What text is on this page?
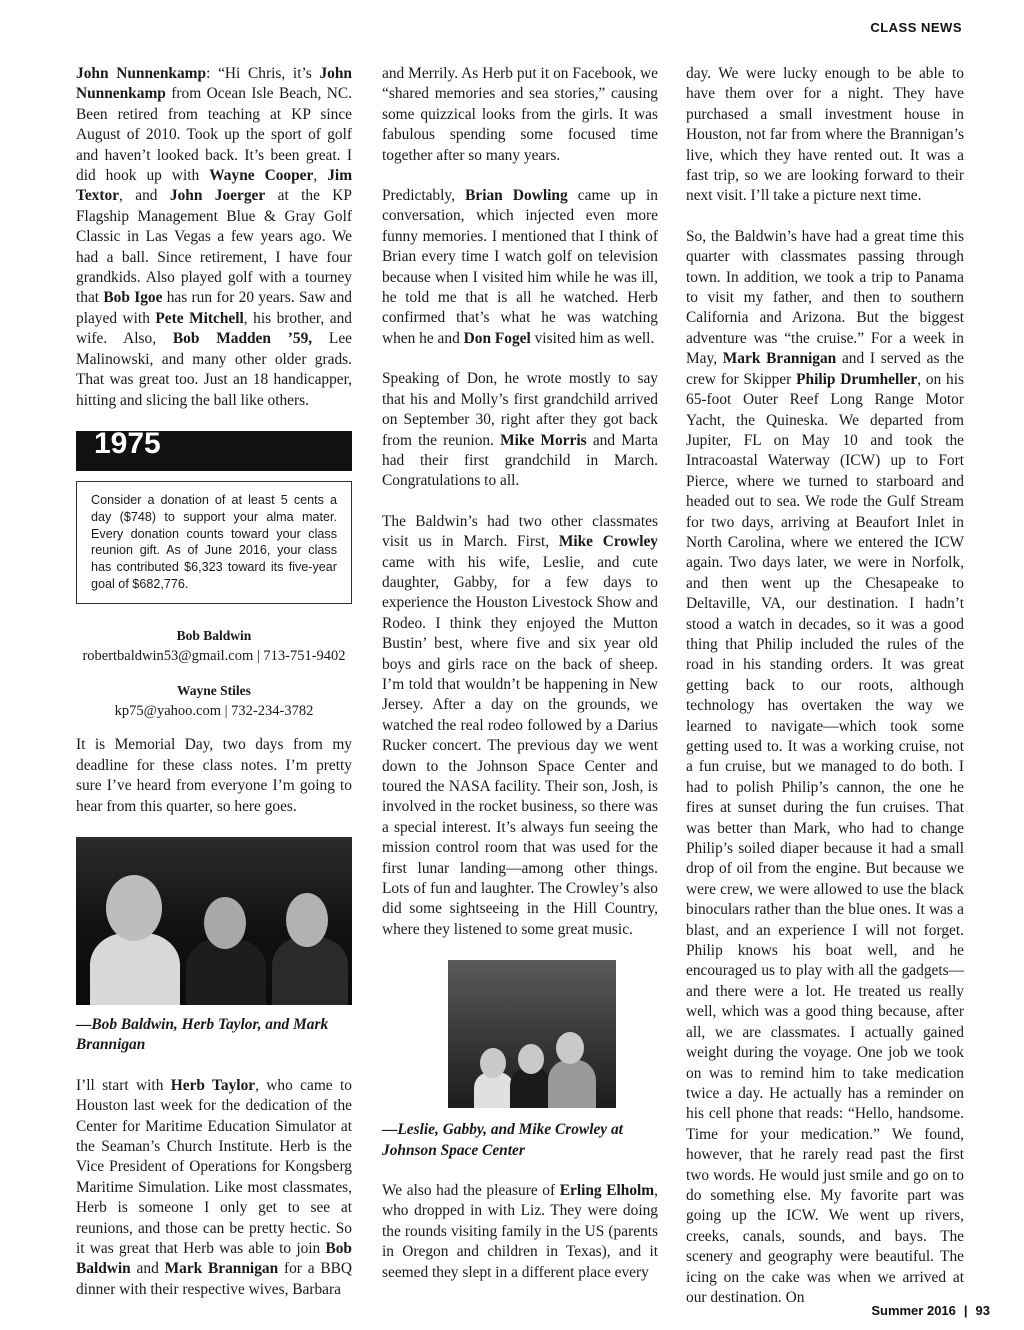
CLASS NEWS

John Nunnenkamp: “Hi Chris, it’s John Nunnenkamp from Ocean Isle Beach, NC. Been retired from teaching at KP since August of 2010. Took up the sport of golf and haven’t looked back. It’s been great. I did hook up with Wayne Cooper, Jim Textor, and John Joerger at the KP Flagship Management Blue & Gray Golf Classic in Las Vegas a few years ago. We had a ball. Since retirement, I have four grandkids. Also played golf with a tourney that Bob Igoe has run for 20 years. Saw and played with Pete Mitchell, his brother, and wife. Also, Bob Madden ’59, Lee Malinowski, and many other older grads. That was great too. Just an 18 handicapper, hitting and slicing the ball like others.

1975
Consider a donation of at least 5 cents a day ($748) to support your alma mater. Every donation counts toward your class reunion gift. As of June 2016, your class has contributed $6,323 toward its five-year goal of $682,776.
Bob Baldwin
robertbaldwin53@gmail.com | 713-751-9402
Wayne Stiles
kp75@yahoo.com | 732-234-3782

It is Memorial Day, two days from my deadline for these class notes. I’m pretty sure I’ve heard from everyone I’m going to hear from this quarter, so here goes.

—Bob Baldwin, Herb Taylor, and Mark Brannigan

I’ll start with Herb Taylor, who came to Houston last week for the dedication of the Center for Maritime Education Simulator at the Seaman’s Church Institute. Herb is the Vice President of Operations for Kongsberg Maritime Simulation. Like most classmates, Herb is someone I only get to see at reunions, and those can be pretty hectic. So it was great that Herb was able to join Bob Baldwin and Mark Brannigan for a BBQ dinner with their respective wives, Barbara

and Merrily. As Herb put it on Facebook, we “shared memories and sea stories,” causing some quizzical looks from the girls. It was fabulous spending some focused time together after so many years.

Predictably, Brian Dowling came up in conversation, which injected even more funny memories. I mentioned that I think of Brian every time I watch golf on television because when I visited him while he was ill, he told me that is all he watched. Herb confirmed that’s what he was watching when he and Don Fogel visited him as well.

Speaking of Don, he wrote mostly to say that his and Molly’s first grandchild arrived on September 30, right after they got back from the reunion. Mike Morris and Marta had their first grandchild in March. Congratulations to all.

The Baldwin’s had two other classmates visit us in March. First, Mike Crowley came with his wife, Leslie, and cute daughter, Gabby, for a few days to experience the Houston Livestock Show and Rodeo. I think they enjoyed the Mutton Bustin’ best, where five and six year old boys and girls race on the back of sheep. I’m told that wouldn’t be happening in New Jersey. After a day on the grounds, we watched the real rodeo followed by a Darius Rucker concert. The previous day we went down to the Johnson Space Center and toured the NASA facility. Their son, Josh, is involved in the rocket business, so there was a special interest. It’s always fun seeing the mission control room that was used for the first lunar landing—among other things. Lots of fun and laughter. The Crowley’s also did some sightseeing in the Hill Country, where they listened to some great music.

—Leslie, Gabby, and Mike Crowley at Johnson Space Center

We also had the pleasure of Erling Elholm, who dropped in with Liz. They were doing the rounds visiting family in the US (parents in Oregon and children in Texas), and it seemed they slept in a different place every

day. We were lucky enough to be able to have them over for a night. They have purchased a small investment house in Houston, not far from where the Brannigan’s live, which they have rented out. It was a fast trip, so we are looking forward to their next visit. I’ll take a picture next time.

So, the Baldwin’s have had a great time this quarter with classmates passing through town. In addition, we took a trip to Panama to visit my father, and then to southern California and Arizona. But the biggest adventure was “the cruise.” For a week in May, Mark Brannigan and I served as the crew for Skipper Philip Drumheller, on his 65-foot Outer Reef Long Range Motor Yacht, the Quineska. We departed from Jupiter, FL on May 10 and took the Intracoastal Waterway (ICW) up to Fort Pierce, where we turned to starboard and headed out to sea. We rode the Gulf Stream for two days, arriving at Beaufort Inlet in North Carolina, where we entered the ICW again. Two days later, we were in Norfolk, and then went up the Chesapeake to Deltaville, VA, our destination. I hadn’t stood a watch in decades, so it was a good thing that Philip included the rules of the road in his standing orders. It was great getting back to our roots, although technology has overtaken the way we learned to navigate—which took some getting used to. It was a working cruise, not a fun cruise, but we managed to do both. I had to polish Philip’s cannon, the one he fires at sunset during the fun cruises. That was better than Mark, who had to change Philip’s soiled diaper because it had a small drop of oil from the engine. But because we were crew, we were allowed to use the black binoculars rather than the blue ones. It was a blast, and an experience I will not forget. Philip knows his boat well, and he encouraged us to play with all the gadgets—and there were a lot. He treated us really well, which was a good thing because, after all, we are classmates. I actually gained weight during the voyage. One job we took on was to remind him to take medication twice a day. He actually has a reminder on his cell phone that reads: “Hello, handsome. Time for your medication.” We found, however, that he rarely read past the first two words. He would just smile and go on to do something else. My favorite part was going up the ICW. We went up rivers, creeks, canals, sounds, and bays. The scenery and geography were beautiful. The icing on the cake was when we arrived at our destination. On

Summer 2016 | 93
